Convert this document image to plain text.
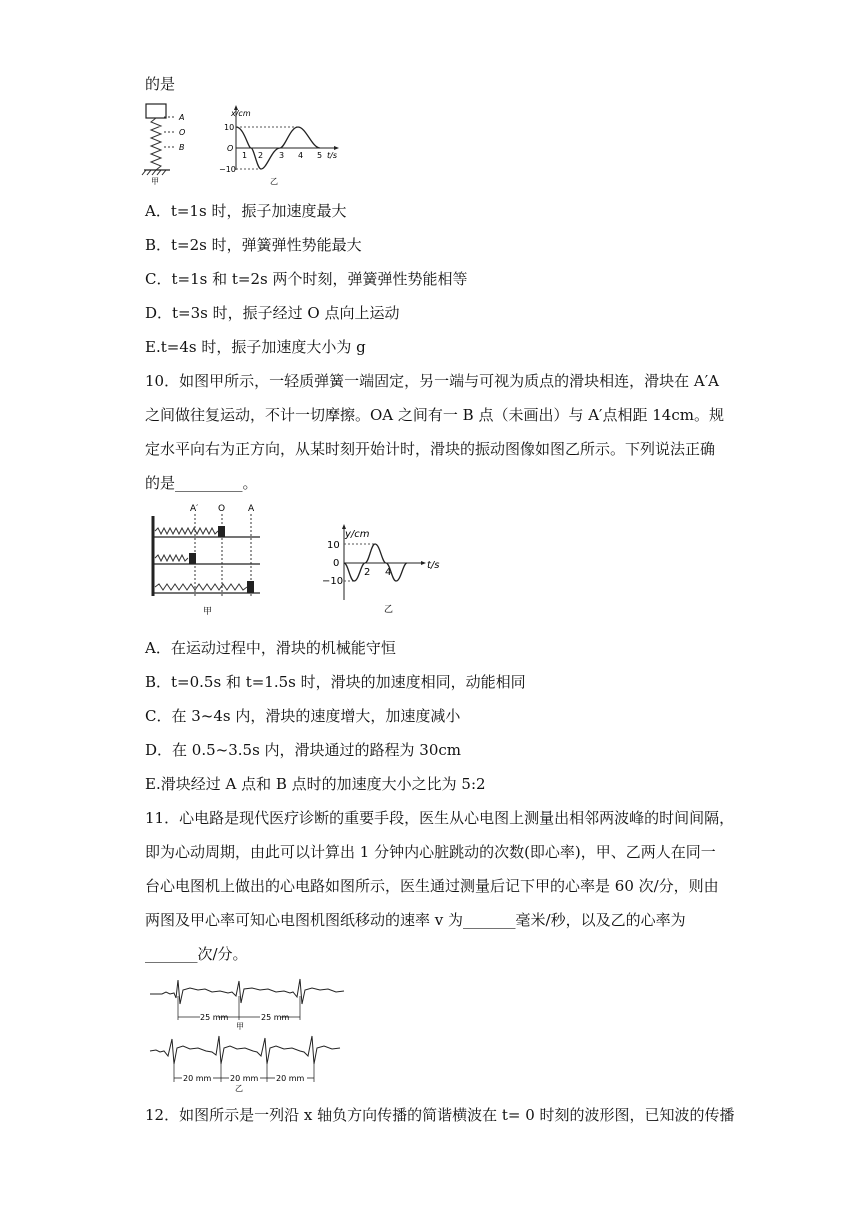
的是
A
O
B
甲
x/cm
t/s
10
O
−10
1 2 3 4 5
乙
A．t=1s 时，振子加速度最大
B．t=2s 时，弹簧弹性势能最大
C．t=1s 和 t=2s 两个时刻，弹簧弹性势能相等
D．t=3s 时，振子经过 O 点向上运动
E.t=4s 时，振子加速度大小为 g
10．如图甲所示，一轻质弹簧一端固定，另一端与可视为质点的滑块相连，滑块在 A′A
之间做往复运动，不计一切摩擦。OA 之间有一 B 点（未画出）与 A′点相距 14cm。规
定水平向右为正方向，从某时刻开始计时，滑块的振动图像如图乙所示。下列说法正确
的是_________。
A′ O	A
甲
y/cm
t/s
10
0
−10
2 4
乙
A．在运动过程中，滑块的机械能守恒
B．t=0.5s 和 t=1.5s 时，滑块的加速度相同，动能相同
C．在 3~4s 内，滑块的速度增大，加速度减小
D．在 0.5~3.5s 内，滑块通过的路程为 30cm
E.滑块经过 A 点和 B 点时的加速度大小之比为 5:2
11．心电路是现代医疗诊断的重要手段，医生从心电图上测量出相邻两波峰的时间间隔，
即为心动周期，由此可以计算出 1 分钟内心脏跳动的次数(即心率)，甲、乙两人在同一
台心电图机上做出的心电路如图所示，医生通过测量后记下甲的心率是 60 次/分，则由
两图及甲心率可知心电图机图纸移动的速率 v 为_______毫米/秒，以及乙的心率为
_______次/分。
25 mm	25 mm
甲
20 mm 20 mm 20 mm
乙
12．如图所示是一列沿 x 轴负方向传播的简谐横波在 t= 0 时刻的波形图，已知波的传播
